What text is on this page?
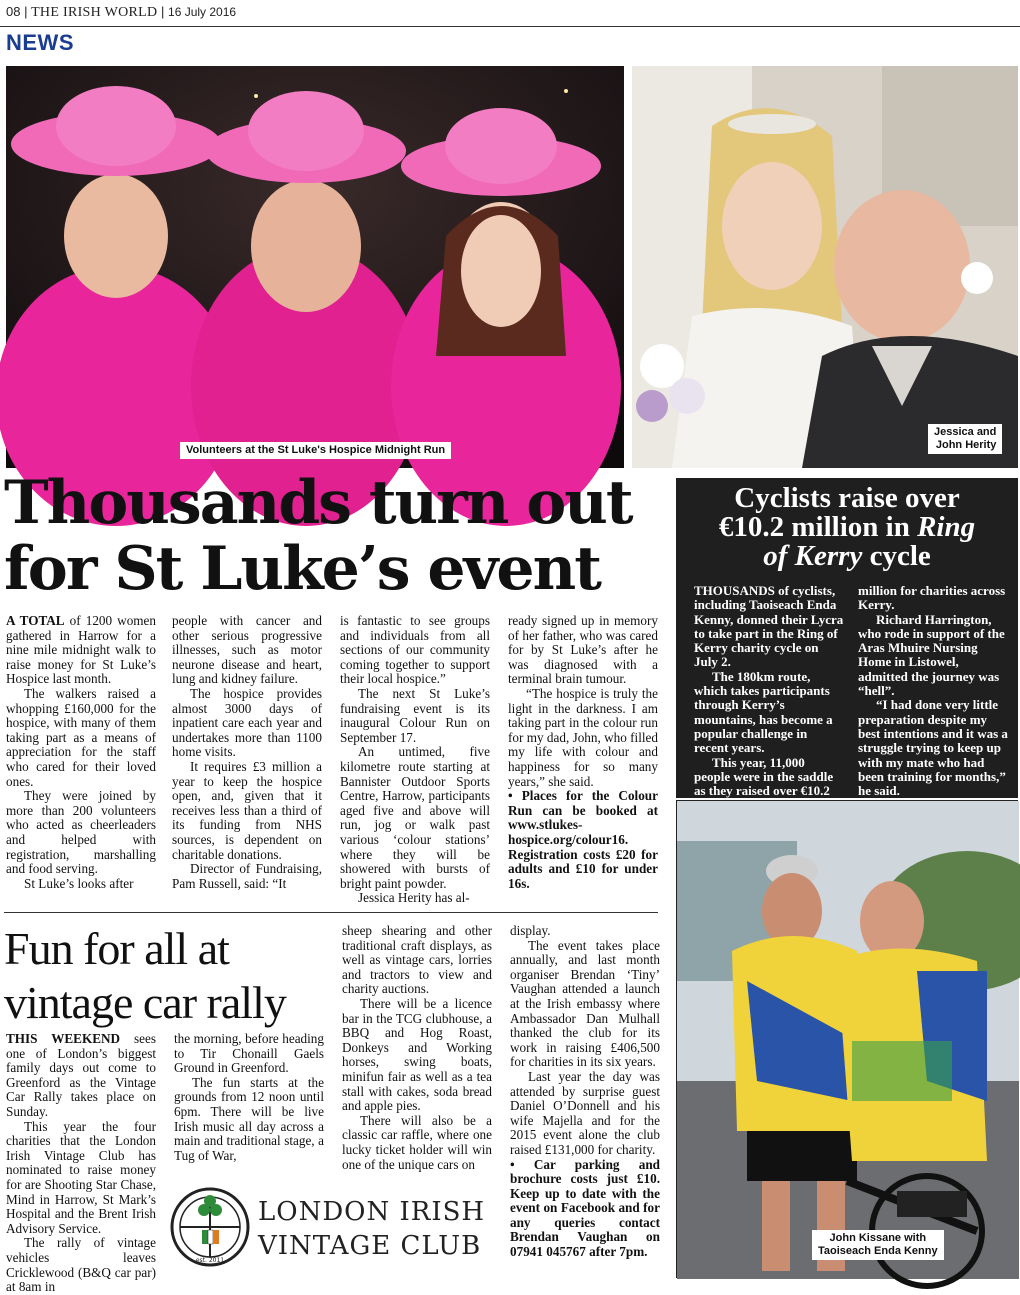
08 | THE IRISH WORLD | 16 July 2016
NEWS
Volunteers at the St Luke's Hospice Midnight Run
Jessica and
John Herity
Thousands turn out
for St Luke’s event

A TOTAL of 1200 women gathered in Harrow for a nine mile midnight walk to raise money for St Luke’s Hospice last month.

The walkers raised a whopping £160,000 for the hospice, with many of them taking part as a means of appreciation for the staff who cared for their loved ones.

They were joined by more than 200 volunteers who acted as cheerleaders and helped with registration, marshalling and food serving.

St Luke’s looks after

people with cancer and other serious progressive illnesses, such as motor neurone disease and heart, lung and kidney failure.

The hospice provides almost 3000 days of inpatient care each year and undertakes more than 1100 home visits.

It requires £3 million a year to keep the hospice open, and, given that it receives less than a third of its funding from NHS sources, is dependent on charitable donations.

Director of Fundraising, Pam Russell, said: “It

is fantastic to see groups and individuals from all sections of our community coming together to support their local hospice.”

The next St Luke’s fundraising event is its inaugural Colour Run on September 17.

An untimed, five kilometre route starting at Bannister Outdoor Sports Centre, Harrow, participants aged five and above will run, jog or walk past various ‘colour stations’ where they will be showered with bursts of bright paint powder.

Jessica Herity has al-

ready signed up in memory of her father, who was cared for by St Luke’s after he was diagnosed with a terminal brain tumour.

“The hospice is truly the light in the darkness. I am taking part in the colour run for my dad, John, who filled my life with colour and happiness for so many years,” she said.

• Places for the Colour Run can be booked at www.stlukes-hospice.org/colour16. Registration costs £20 for adults and £10 for under 16s.

Fun for all at
vintage car rally

THIS WEEKEND sees one of London’s biggest family days out come to Greenford as the Vintage Car Rally takes place on Sunday.

This year the four charities that the London Irish Vintage Club has nominated to raise money for are Shooting Star Chase, Mind in Harrow, St Mark’s Hospital and the Brent Irish Advisory Service.

The rally of vintage vehicles leaves Cricklewood (B&Q car par) at 8am in

the morning, before heading to Tir Chonaill Gaels Ground in Greenford.

The fun starts at the grounds from 12 noon until 6pm. There will be live Irish music all day across a main and traditional stage, a Tug of War,

sheep shearing and other traditional craft displays, as well as vintage cars, lorries and tractors to view and charity auctions.

There will be a licence bar in the TCG clubhouse, a BBQ and Hog Roast, Donkeys and Working horses, swing boats, minifun fair as well as a tea stall with cakes, soda bread and apple pies.

There will also be a classic car raffle, where one lucky ticket holder will win one of the unique cars on

display.

The event takes place annually, and last month organiser Brendan ‘Tiny’ Vaughan attended a launch at the Irish embassy where Ambassador Dan Mulhall thanked the club for its work in raising £406,500 for charities in its six years.

Last year the day was attended by surprise guest Daniel O’Donnell and his wife Majella and for the 2015 event alone the club raised £131,000 for charity.

• Car parking and brochure costs just £10. Keep up to date with the event on Facebook and for any queries contact Brendan Vaughan on 07941 045767 after 7pm.

est. 2011
LONDON IRISH
VINTAGE CLUB
Cyclists raise over
€10.2 million in Ring
of Kerry cycle

THOUSANDS of cyclists, including Taoiseach Enda Kenny, donned their Lycra to take part in the Ring of Kerry charity cycle on July 2.

The 180km route, which takes participants through Kerry’s mountains, has become a popular challenge in recent years.

This year, 11,000 people were in the saddle as they raised over €10.2

million for charities across Kerry.

Richard Harrington, who rode in support of the Aras Mhuire Nursing Home in Listowel, admitted the journey was “hell”.

“I had done very little preparation despite my best intentions and it was a struggle trying to keep up with my mate who had been training for months,” he said.

John Kissane with
Taoiseach Enda Kenny
